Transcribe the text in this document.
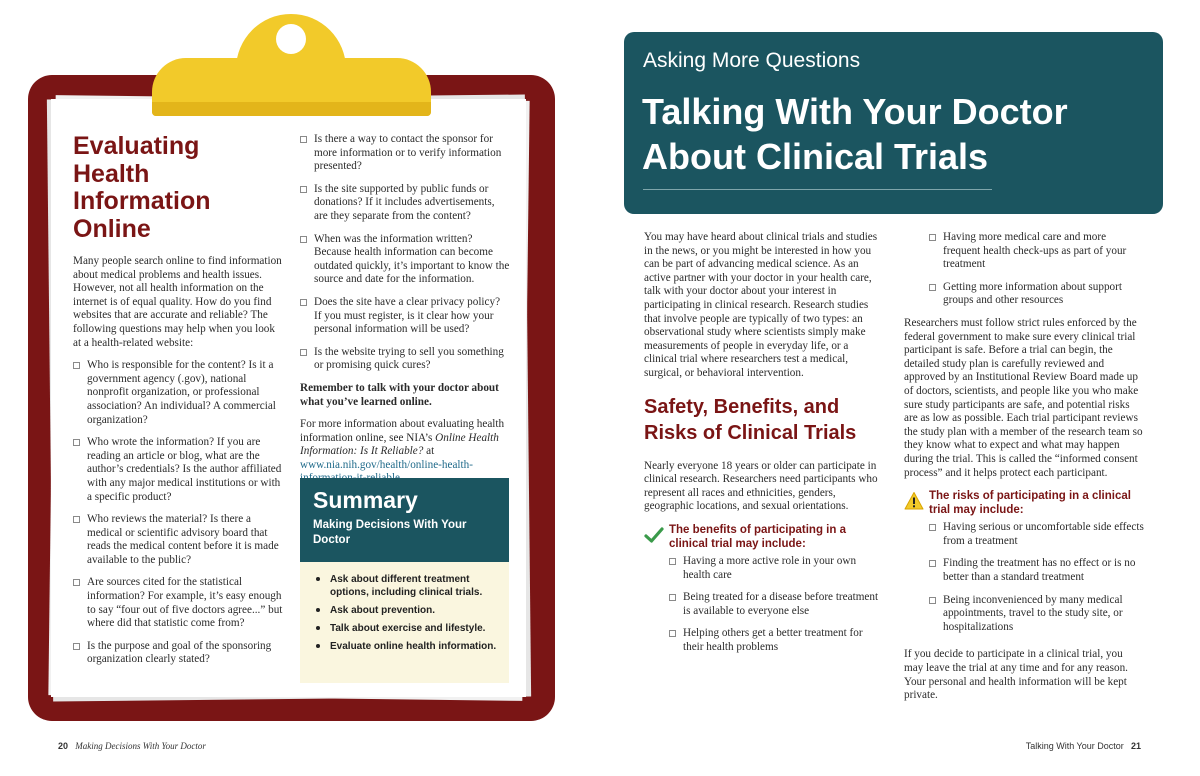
Evaluating Health Information Online

Many people search online to find information about medical problems and health issues. However, not all health information on the internet is of equal quality. How do you find websites that are accurate and reliable? The following questions may help when you look at a health-related website:

Who is responsible for the content? Is it a government agency (.gov), national nonprofit organization, or professional association? An individual? A commercial organization?
Who wrote the information? If you are reading an article or blog, what are the author’s credentials? Is the author affiliated with any major medical institutions or with a specific product?
Who reviews the material? Is there a medical or scientific advisory board that reads the medical content before it is made available to the public?
Are sources cited for the statistical information? For example, it’s easy enough to say “four out of five doctors agree...” but where did that statistic come from?
Is the purpose and goal of the sponsoring organization clearly stated?
Is there a way to contact the sponsor for more information or to verify information presented?
Is the site supported by public funds or donations? If it includes advertisements, are they separate from the content?
When was the information written? Because health information can become outdated quickly, it’s important to know the source and date for the information.
Does the site have a clear privacy policy? If you must register, is it clear how your personal information will be used?
Is the website trying to sell you something or promising quick cures?

Remember to talk with your doctor about what you’ve learned online.

For more information about evaluating health information online, see NIA’s Online Health Information: Is It Reliable? at www.nia.nih.gov/health/online-health-

Summary
Making Decisions With Your Doctor
Ask about different treatment options, including clinical trials.
Ask about prevention.
Talk about exercise and lifestyle.
Evaluate online health information.
20 Making Decisions With Your Doctor
Asking More Questions
Talking With Your Doctor About Clinical Trials

You may have heard about clinical trials and studies in the news, or you might be interested in how you can be part of advancing medical science. As an active partner with your doctor in your health care, talk with your doctor about your interest in participating in clinical research. Research studies that involve people are typically of two types: an observational study where scientists simply make measurements of people in everyday life, or a clinical trial where researchers test a medical, surgical, or behavioral intervention.

Safety, Benefits, and Risks of Clinical Trials

Nearly everyone 18 years or older can participate in clinical research. Researchers need participants who represent all races and ethnicities, genders, geographic locations, and sexual orientations.

The benefits of participating in a clinical trial may include:
Having a more active role in your own health care
Being treated for a disease before treatment is available to everyone else
Helping others get a better treatment for their health problems
Having more medical care and more frequent health check-ups as part of your treatment
Getting more information about support groups and other resources

Researchers must follow strict rules enforced by the federal government to make sure every clinical trial participant is safe. Before a trial can begin, the detailed study plan is carefully reviewed and approved by an Institutional Review Board made up of doctors, scientists, and people like you who make sure study participants are safe, and potential risks are as low as possible. Each trial participant reviews the study plan with a member of the research team so they know what to expect and what may happen during the trial. This is called the “informed consent process” and it helps protect each participant.

The risks of participating in a clinical trial may include:
Having serious or uncomfortable side effects from a treatment
Finding the treatment has no effect or is no better than a standard treatment
Being inconvenienced by many medical appointments, travel to the study site, or hospitalizations

If you decide to participate in a clinical trial, you may leave the trial at any time and for any reason. Your personal and health information will be kept private.

Talking With Your Doctor 21
